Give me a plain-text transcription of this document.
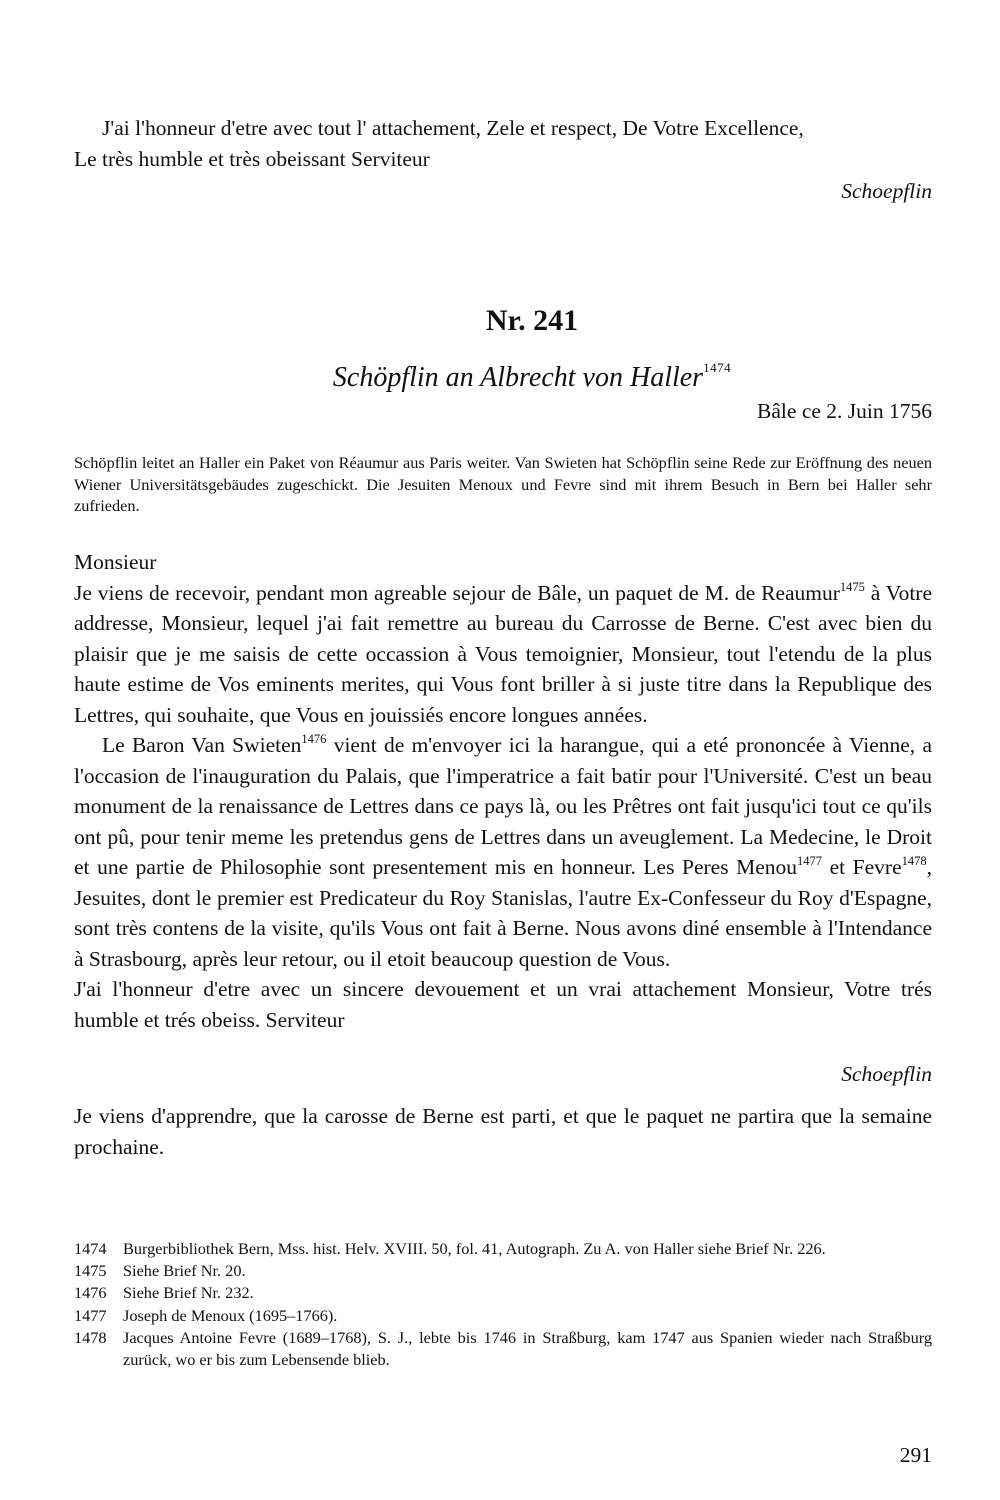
J'ai l'honneur d'etre avec tout l' attachement, Zele et respect, De Votre Excellence,

Le très humble et très obeissant Serviteur

Schoepflin

Nr. 241
Schöpflin an Albrecht von Haller$^{1474}$
Bâle ce 2. Juin 1756

Schöpflin leitet an Haller ein Paket von Réaumur aus Paris weiter. Van Swieten hat Schöpflin seine Rede zur Eröffnung des neuen Wiener Universitätsgebäudes zugeschickt. Die Jesuiten Menoux und Fevre sind mit ihrem Besuch in Bern bei Haller sehr zufrieden.

Monsieur

Je viens de recevoir, pendant mon agreable sejour de Bâle, un paquet de M. de Reaumur$^{1475}$ à Votre addresse, Monsieur, lequel j'ai fait remettre au bureau du Carrosse de Berne. C'est avec bien du plaisir que je me saisis de cette occassion à Vous temoignier, Monsieur, tout l'etendu de la plus haute estime de Vos eminents merites, qui Vous font briller à si juste titre dans la Republique des Lettres, qui souhaite, que Vous en jouissiés encore longues années.

Le Baron Van Swieten$^{1476}$ vient de m'envoyer ici la harangue, qui a eté prononcée à Vienne, a l'occasion de l'inauguration du Palais, que l'imperatrice a fait batir pour l'Université. C'est un beau monument de la renaissance de Lettres dans ce pays là, ou les Prêtres ont fait jusqu'ici tout ce qu'ils ont pû, pour tenir meme les pretendus gens de Lettres dans un aveuglement. La Medecine, le Droit et une partie de Philosophie sont presentement mis en honneur. Les Peres Menou$^{1477}$ et Fevre$^{1478}$, Jesuites, dont le premier est Predicateur du Roy Stanislas, l'autre Ex-Confesseur du Roy d'Espagne, sont très contens de la visite, qu'ils Vous ont fait à Berne. Nous avons diné ensemble à l'Intendance à Strasbourg, après leur retour, ou il etoit beaucoup question de Vous.

J'ai l'honneur d'etre avec un sincere devouement et un vrai attachement Monsieur, Votre trés humble et trés obeiss. Serviteur

Schoepflin

Je viens d'apprendre, que la carosse de Berne est parti, et que le paquet ne partira que la semaine prochaine.

1474	Burgerbibliothek Bern, Mss. hist. Helv. XVIII. 50, fol. 41, Autograph. Zu A. von Haller siehe Brief Nr. 226.

1475	Siehe Brief Nr. 20.

1476	Siehe Brief Nr. 232.

1477	Joseph de Menoux (1695–1766).

1478	Jacques Antoine Fevre (1689–1768), S. J., lebte bis 1746 in Straßburg, kam 1747 aus Spanien wieder nach Straßburg zurück, wo er bis zum Lebensende blieb.

291
